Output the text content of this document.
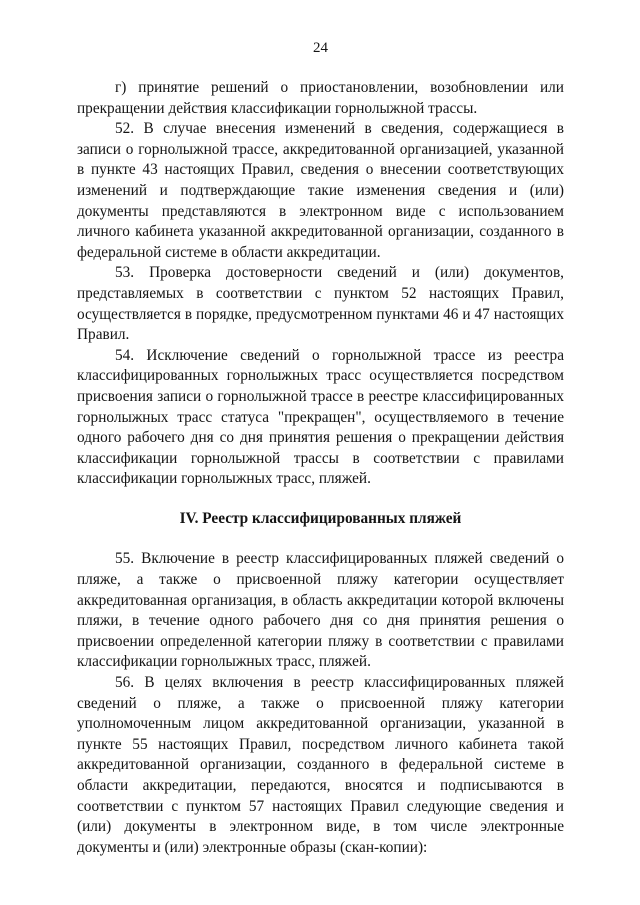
24

г) принятие решений о приостановлении, возобновлении или прекращении действия классификации горнолыжной трассы.

52. В случае внесения изменений в сведения, содержащиеся в записи о горнолыжной трассе, аккредитованной организацией, указанной в пункте 43 настоящих Правил, сведения о внесении соответствующих изменений и подтверждающие такие изменения сведения и (или) документы представляются в электронном виде с использованием личного кабинета указанной аккредитованной организации, созданного в федеральной системе в области аккредитации.

53. Проверка достоверности сведений и (или) документов, представляемых в соответствии с пунктом 52 настоящих Правил, осуществляется в порядке, предусмотренном пунктами 46 и 47 настоящих Правил.

54. Исключение сведений о горнолыжной трассе из реестра классифицированных горнолыжных трасс осуществляется посредством присвоения записи о горнолыжной трассе в реестре классифицированных горнолыжных трасс статуса "прекращен", осуществляемого в течение одного рабочего дня со дня принятия решения о прекращении действия классификации горнолыжной трассы в соответствии с правилами классификации горнолыжных трасс, пляжей.

IV. Реестр классифицированных пляжей

55. Включение в реестр классифицированных пляжей сведений о пляже, а также о присвоенной пляжу категории осуществляет аккредитованная организация, в область аккредитации которой включены пляжи, в течение одного рабочего дня со дня принятия решения о присвоении определенной категории пляжу в соответствии с правилами классификации горнолыжных трасс, пляжей.

56. В целях включения в реестр классифицированных пляжей сведений о пляже, а также о присвоенной пляжу категории уполномоченным лицом аккредитованной организации, указанной в пункте 55 настоящих Правил, посредством личного кабинета такой аккредитованной организации, созданного в федеральной системе в области аккредитации, передаются, вносятся и подписываются в соответствии с пунктом 57 настоящих Правил следующие сведения и (или) документы в электронном виде, в том числе электронные документы и (или) электронные образы (скан-копии):
